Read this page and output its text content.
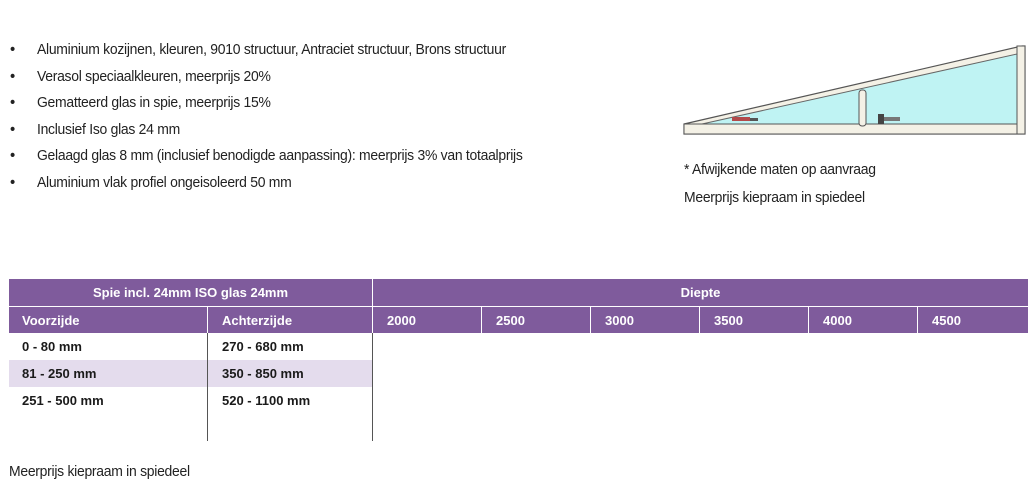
• Aluminium kozijnen, kleuren, 9010 structuur, Antraciet structuur, Brons structuur
• Verasol speciaalkleuren, meerprijs 20%
• Gematteerd glas in spie, meerprijs 15%
• Inclusief Iso glas 24 mm
• Gelaagd glas 8 mm (inclusief benodigde aanpassing): meerprijs 3% van totaalprijs
• Aluminium vlak profiel ongeisoleerd 50 mm
* Afwijkende maten op aanvraag
Meerprijs kiepraam in spiedeel
Spie incl. 24mm ISO glas 24mm	Diepte
Voorzijde	Achterzijde	2000	2500	3000	3500	4000	4500
0 - 80 mm	270 - 680 mm
81 - 250 mm	350 - 850 mm
251 - 500 mm	520 - 1100 mm
Meerprijs kiepraam in spiedeel
